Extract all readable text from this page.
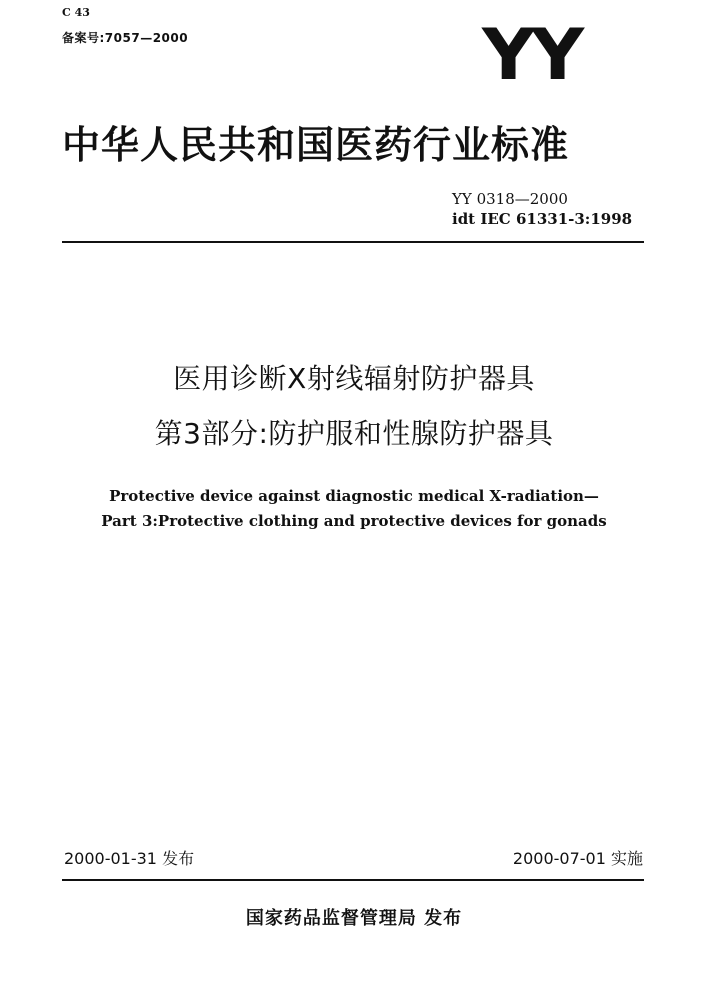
C 43
备案号:7057—2000	YY
中华人民共和国医药行业标准
YY 0318—2000
idt IEC 61331-3:1998
医用诊断X射线辐射防护器具
第3部分:防护服和性腺防护器具
Protective device against diagnostic medical X-radiation—
Part 3:Protective clothing and protective devices for gonads
2000-01-31 发布	2000-07-01 实施
国家药品监督管理局 发布
